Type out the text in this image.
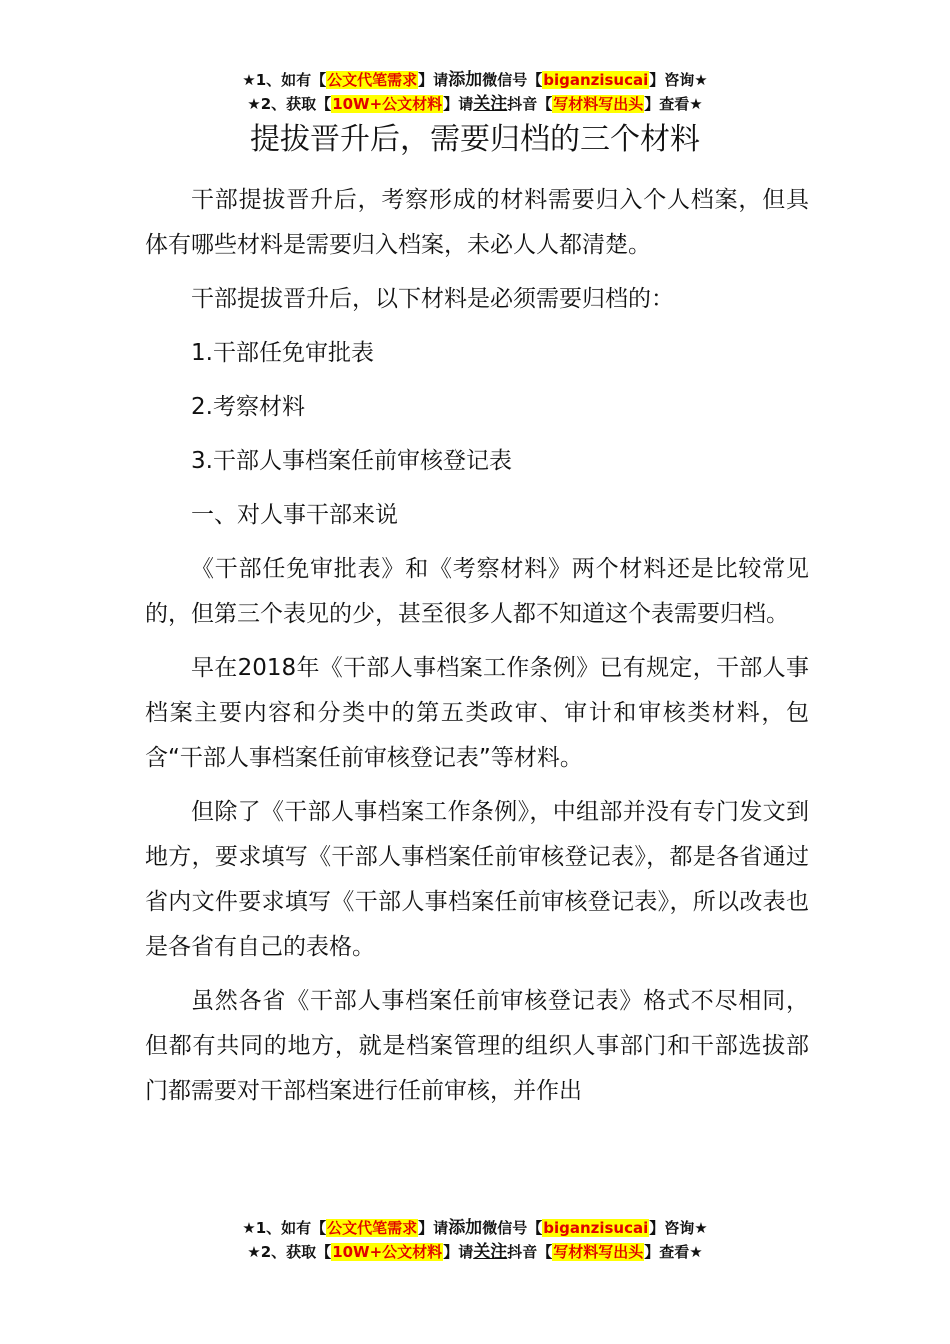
★1、如有【公文代笔需求】请添加微信号【biganzisucai】咨询★
★2、获取【10W+公文材料】请关注抖音【写材料写出头】查看★
提拔晋升后，需要归档的三个材料

干部提拔晋升后，考察形成的材料需要归入个人档案，但具体有哪些材料是需要归入档案，未必人人都清楚。

干部提拔晋升后，以下材料是必须需要归档的：

1.干部任免审批表

2.考察材料

3.干部人事档案任前审核登记表

一、对人事干部来说

《干部任免审批表》和《考察材料》两个材料还是比较常见的，但第三个表见的少，甚至很多人都不知道这个表需要归档。

早在2018年《干部人事档案工作条例》已有规定，干部人事档案主要内容和分类中的第五类政审、审计和审核类材料，包含“干部人事档案任前审核登记表”等材料。

但除了《干部人事档案工作条例》，中组部并没有专门发文到地方，要求填写《干部人事档案任前审核登记表》，都是各省通过省内文件要求填写《干部人事档案任前审核登记表》，所以改表也是各省有自己的表格。

虽然各省《干部人事档案任前审核登记表》格式不尽相同，但都有共同的地方，就是档案管理的组织人事部门和干部选拔部门都需要对干部档案进行任前审核，并作出

★1、如有【公文代笔需求】请添加微信号【biganzisucai】咨询★
★2、获取【10W+公文材料】请关注抖音【写材料写出头】查看★
